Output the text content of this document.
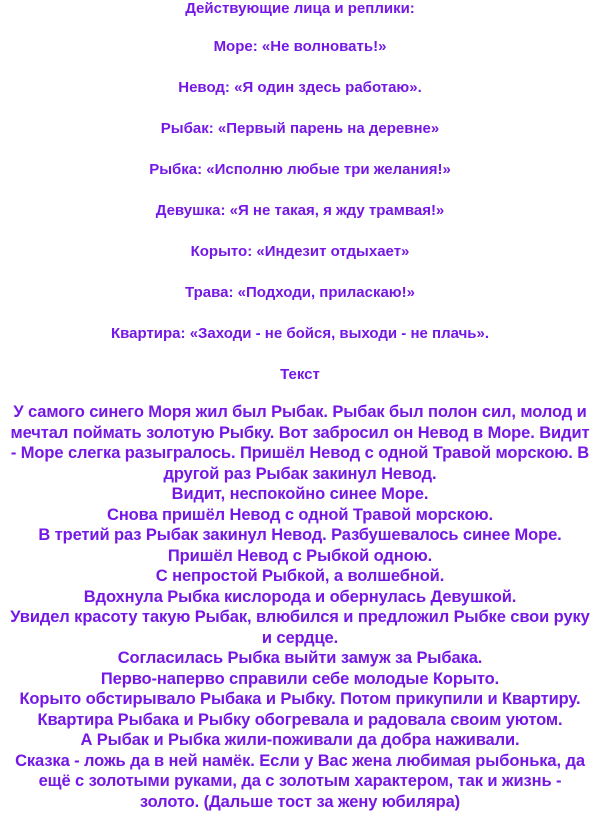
Действующие лица и реплики:
Море: «Не волновать!»
Невод: «Я один здесь работаю».
Рыбак: «Первый парень на деревне»
Рыбка: «Исполню любые три желания!»
Девушка: «Я не такая, я жду трамвая!»
Корыто: «Индезит отдыхает»
Трава: «Подходи, приласкаю!»
Квартира: «Заходи - не бойся, выходи - не плачь».
Текст

У самого синего Моря жил был Рыбак. Рыбак был полон сил, молод и
мечтал поймать золотую Рыбку. Вот забросил он Невод в Море. Видит
- Море слегка разыгралось. Пришёл Невод с одной Травой морскою. В
другой раз Рыбак закинул Невод.
Видит, неспокойно синее Море.
Снова пришёл Невод с одной Травой морскою.
В третий раз Рыбак закинул Невод. Разбушевалось синее Море.
Пришёл Невод с Рыбкой одною.
С непростой Рыбкой, а волшебной.
Вдохнула Рыбка кислорода и обернулась Девушкой.
Увидел красоту такую Рыбак, влюбился и предложил Рыбке свои руку
и сердце.
Согласилась Рыбка выйти замуж за Рыбака.
Перво-наперво справили себе молодые Корыто.
Корыто обстирывало Рыбака и Рыбку. Потом прикупили и Квартиру.
Квартира Рыбака и Рыбку обогревала и радовала своим уютом.
А Рыбак и Рыбка жили-поживали да добра наживали.
Сказка - ложь да в ней намёк. Если у Вас жена любимая рыбонька, да
ещё с золотыми руками, да с золотым характером, так и жизнь -
золото. (Дальше тост за жену юбиляра)
